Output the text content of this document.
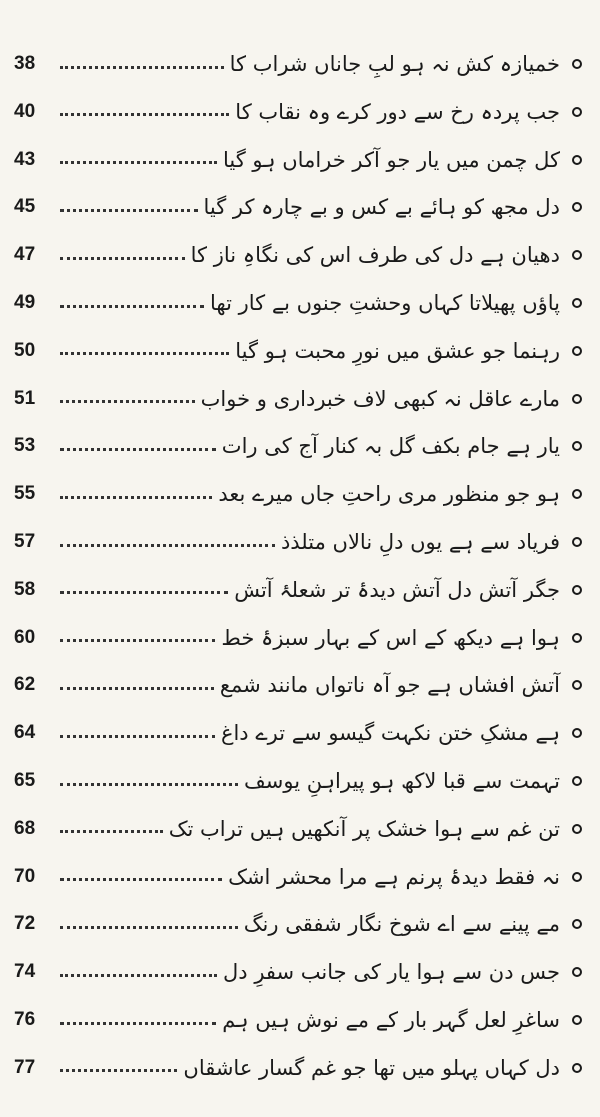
38	خمیازہ کش نہ ہو لبِ جاناں شراب کا
40	جب پردہ رخ سے دور کرے وہ نقاب کا
43	کل چمن میں یار جو آکر خراماں ہو گیا
45	دل مجھ کو ہائے بے کس و بے چارہ کر گیا
47	دھیان ہے دل کی طرف اس کی نگاہِ ناز کا
49	پاؤں پھیلاتا کہاں وحشتِ جنوں بے کار تھا
50	رہنما جو عشق میں نورِ محبت ہو گیا
51	مارے عاقل نہ کبھی لاف خبرداری و خواب
53	یار ہے جام بکف گل بہ کنار آج کی رات
55	ہو جو منظور مری راحتِ جاں میرے بعد
57	فریاد سے ہے یوں دلِ نالاں متلذذ
58	جگر آتش دل آتش دیدۂ تر شعلۂ آتش
60	ہوا ہے دیکھ کے اس کے بہار سبزۂ خط
62	آتش افشاں ہے جو آہ ناتواں مانند شمع
64	ہے مشکِ ختن نکہت گیسو سے ترے داغ
65	تہمت سے قبا لاکھ ہو پیراہنِ یوسف
68	تن غم سے ہوا خشک پر آنکھیں ہیں تراب تک
70	نہ فقط دیدۂ پرنم ہے مرا محشر اشک
72	مے پینے سے اے شوخ نگار شفقی رنگ
74	جس دن سے ہوا یار کی جانب سفرِ دل
76	ساغرِ لعل گہر بار کے مے نوش ہیں ہم
77	دل کہاں پہلو میں تھا جو غم گسار عاشقاں
